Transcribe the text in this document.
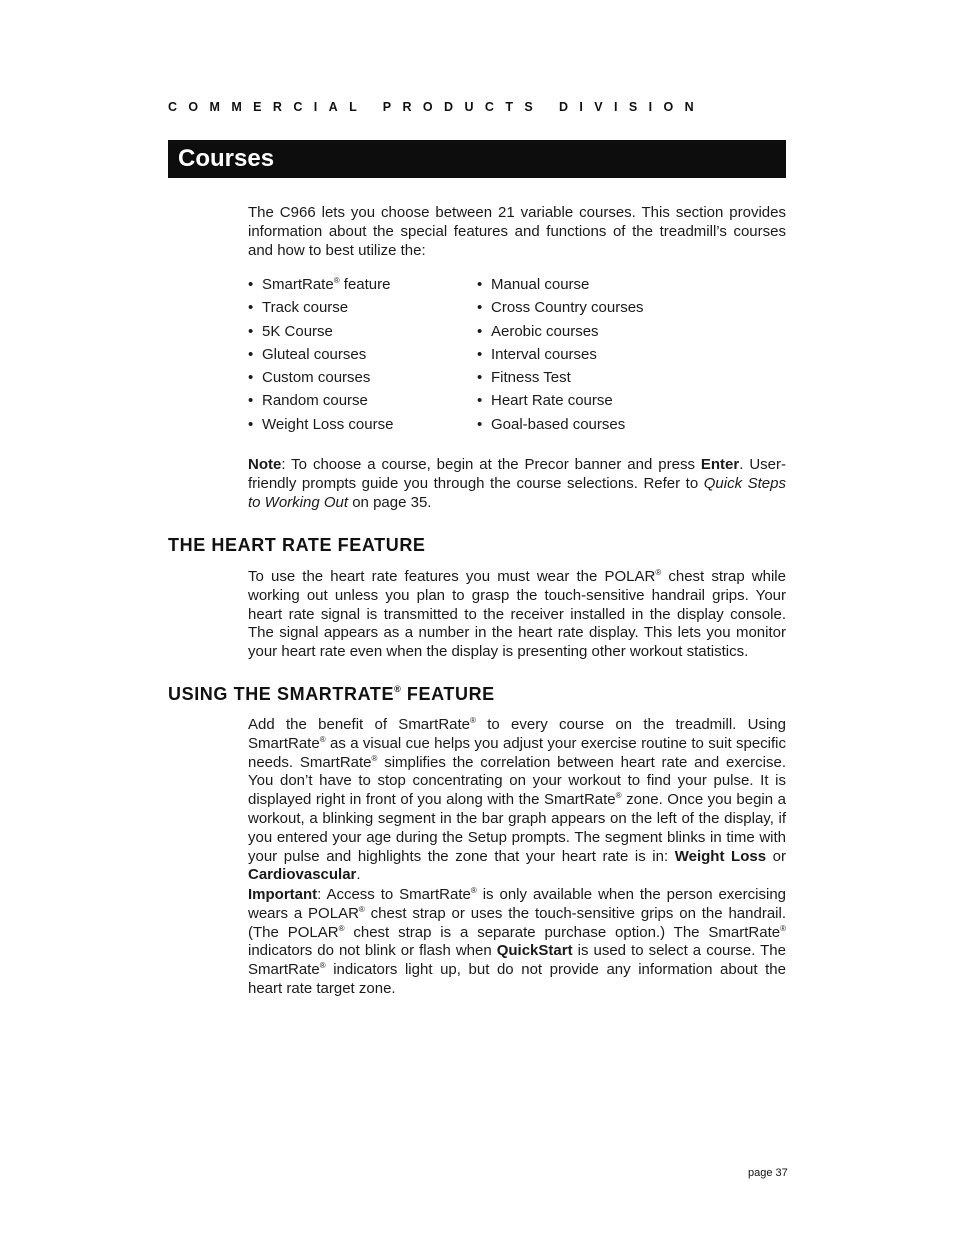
COMMERCIAL PRODUCTS DIVISION
Courses

The C966 lets you choose between 21 variable courses. This section provides information about the special features and functions of the treadmill’s courses and how to best utilize the:

• SmartRate® feature
• Track course
• 5K Course
• Gluteal courses
• Custom courses
• Random course
• Weight Loss course
• Manual course
• Cross Country courses
• Aerobic courses
• Interval courses
• Fitness Test
• Heart Rate course
• Goal-based courses

Note: To choose a course, begin at the Precor banner and press Enter. User-friendly prompts guide you through the course selections. Refer to Quick Steps to Working Out on page 35.

THE HEART RATE FEATURE

To use the heart rate features you must wear the POLAR® chest strap while working out unless you plan to grasp the touch-sensitive handrail grips. Your heart rate signal is transmitted to the receiver installed in the display console. The signal appears as a number in the heart rate display. This lets you monitor your heart rate even when the display is presenting other workout statistics.

USING THE SMARTRATE® FEATURE

Add the benefit of SmartRate® to every course on the treadmill. Using SmartRate® as a visual cue helps you adjust your exercise routine to suit specific needs. SmartRate® simplifies the correlation between heart rate and exercise. You don’t have to stop concentrating on your workout to find your pulse. It is displayed right in front of you along with the SmartRate® zone. Once you begin a workout, a blinking segment in the bar graph appears on the left of the display, if you entered your age during the Setup prompts. The segment blinks in time with your pulse and highlights the zone that your heart rate is in: Weight Loss or Cardiovascular.

Important: Access to SmartRate® is only available when the person exercising wears a POLAR® chest strap or uses the touch-sensitive grips on the handrail. (The POLAR® chest strap is a separate purchase option.) The SmartRate® indicators do not blink or flash when QuickStart is used to select a course. The SmartRate® indicators light up, but do not provide any information about the heart rate target zone.

page 37
